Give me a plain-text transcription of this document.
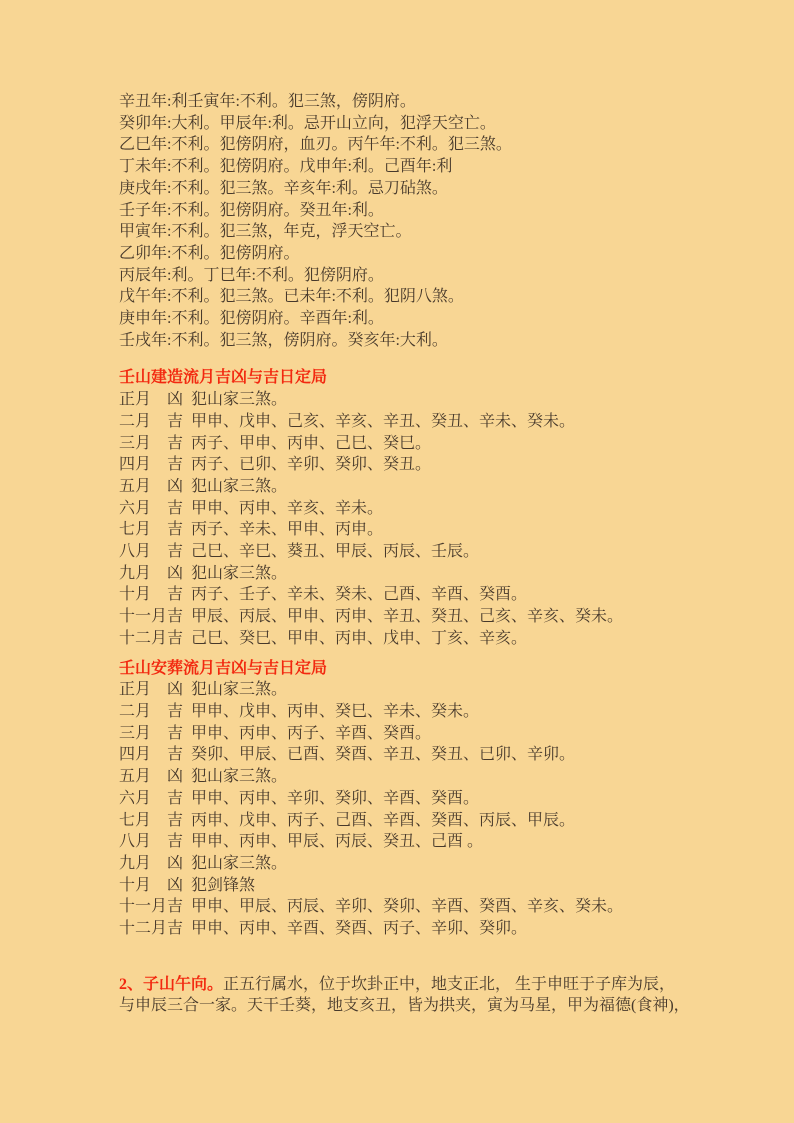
辛丑年:利壬寅年:不利。犯三煞，傍阴府。

癸卯年:大利。甲辰年:利。忌开山立向，犯浮天空亡。

乙巳年:不利。犯傍阴府，血刃。丙午年:不利。犯三煞。

丁未年:不利。犯傍阴府。戊申年:利。己酉年:利

庚戌年:不利。犯三煞。辛亥年:利。忌刀砧煞。

壬子年:不利。犯傍阴府。癸丑年:利。

甲寅年:不利。犯三煞，年克，浮天空亡。

乙卯年:不利。犯傍阴府。

丙辰年:利。丁巳年:不利。犯傍阴府。

戊午年:不利。犯三煞。已未年:不利。犯阴八煞。

庚申年:不利。犯傍阴府。辛酉年:利。

壬戌年:不利。犯三煞，傍阴府。癸亥年:大利。

壬山建造流月吉凶与吉日定局
正月 凶 犯山家三煞。
二月 吉 甲申、戊申、己亥、辛亥、辛丑、癸丑、辛未、癸未。
三月 吉 丙子、甲申、丙申、己巳、癸巳。
四月 吉 丙子、已卯、辛卯、癸卯、癸丑。
五月 凶 犯山家三煞。
六月 吉 甲申、丙申、辛亥、辛未。
七月 吉 丙子、辛未、甲申、丙申。
八月 吉 己巳、辛巳、葵丑、甲辰、丙辰、壬辰。
九月 凶 犯山家三煞。
十月 吉 丙子、壬子、辛未、癸未、己酉、辛酉、癸酉。
十一月吉 甲辰、丙辰、甲申、丙申、辛丑、癸丑、己亥、辛亥、癸未。
十二月吉 己巳、癸巳、甲申、丙申、戊申、丁亥、辛亥。
壬山安葬流月吉凶与吉日定局
正月 凶 犯山家三煞。
二月 吉 甲申、戊申、丙申、癸巳、辛未、癸未。
三月 吉 甲申、丙申、丙子、辛酉、癸酉。
四月 吉 癸卯、甲辰、已酉、癸酉、辛丑、癸丑、已卯、辛卯。
五月 凶 犯山家三煞。
六月 吉 甲申、丙申、辛卯、癸卯、辛酉、癸酉。
七月 吉 丙申、戊申、丙子、己酉、辛酉、癸酉、丙辰、甲辰。
八月 吉 甲申、丙申、甲辰、丙辰、癸丑、己酉 。
九月 凶 犯山家三煞。
十月 凶 犯剑锋煞
十一月吉 甲申、甲辰、丙辰、辛卯、癸卯、辛酉、癸酉、辛亥、癸未。
十二月吉 甲申、丙申、辛酉、癸酉、丙子、辛卯、癸卯。

2、子山午向。正五行属水，位于坎卦正中，地支正北， 生于申旺于子库为辰，与申辰三合一家。天干壬葵，地支亥丑，皆为拱夹，寅为马星，甲为福德(食神)，
